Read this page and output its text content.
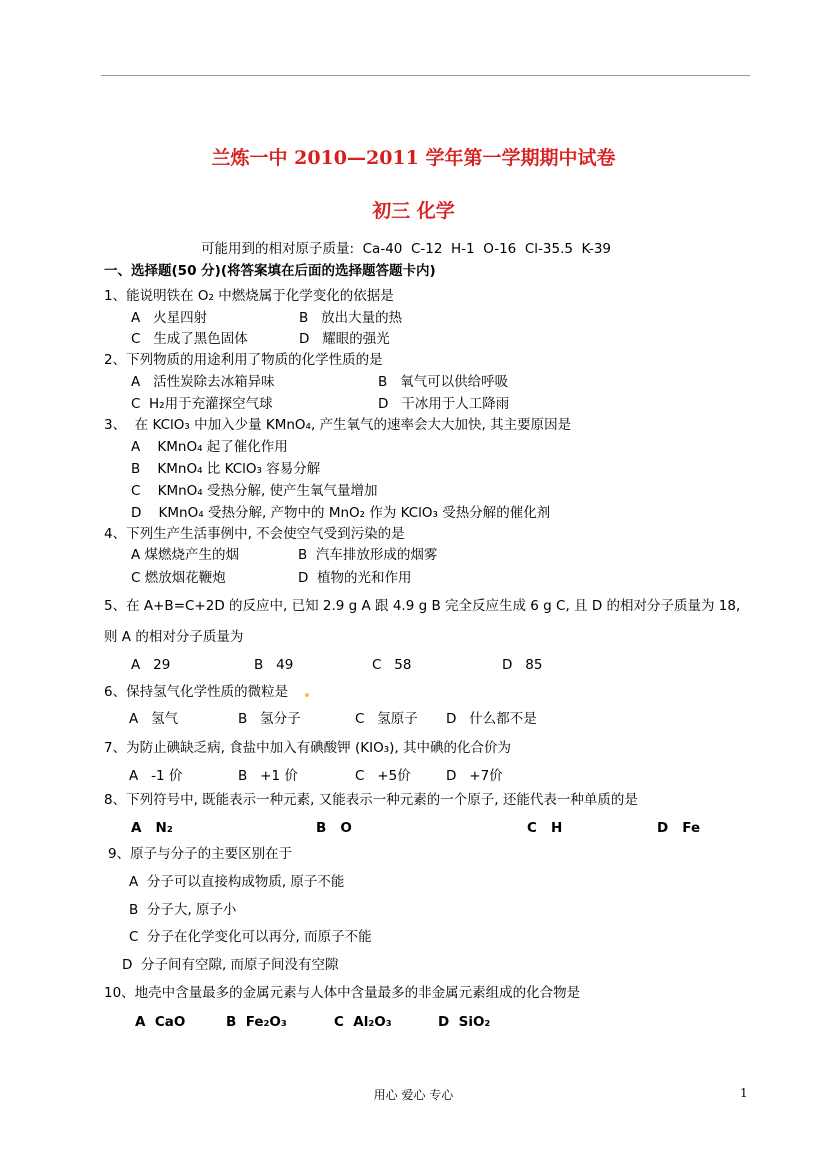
兰炼一中 2010—2011 学年第一学期期中试卷
初三 化学
可能用到的相对原子质量:  Ca-40  C-12  H-1  O-16  Cl-35.5  K-39
一、选择题(50 分)(将答案填在后面的选择题答题卡内)
1、能说明铁在 O₂ 中燃烧属于化学变化的依据是
A   火星四射	B   放出大量的热
C   生成了黑色固体	D   耀眼的强光
2、下列物质的用途利用了物质的化学性质的是
A   活性炭除去冰箱异味	B   氧气可以供给呼吸
C  H₂用于充灌探空气球	D   干冰用于人工降雨
3、  在 KClO₃ 中加入少量 KMnO₄, 产生氧气的速率会大大加快, 其主要原因是
A    KMnO₄ 起了催化作用
B    KMnO₄ 比 KClO₃ 容易分解
C    KMnO₄ 受热分解, 使产生氧气量增加
D    KMnO₄ 受热分解, 产物中的 MnO₂ 作为 KClO₃ 受热分解的催化剂
4、下列生产生活事例中, 不会使空气受到污染的是
A 煤燃烧产生的烟	B  汽车排放形成的烟雾
C 燃放烟花鞭炮	D  植物的光和作用
5、在 A+B=C+2D 的反应中, 已知 2.9 g A 跟 4.9 g B 完全反应生成 6 g C, 且 D 的相对分子质量为 18,
则 A 的相对分子质量为
A   29	B   49	C   58	D   85
6、保持氢气化学性质的微粒是
A   氢气	B   氢分子	C   氢原子 D   什么都不是
7、为防止碘缺乏病, 食盐中加入有碘酸钾 (KIO₃), 其中碘的化合价为
A   -1 价	B   +1 价	C   +5价	D   +7价
8、下列符号中, 既能表示一种元素, 又能表示一种元素的一个原子, 还能代表一种单质的是
A   N₂	B   O	C   H	D   Fe
9、原子与分子的主要区别在于
A  分子可以直接构成物质, 原子不能
B  分子大, 原子小
C  分子在化学变化可以再分, 而原子不能
D  分子间有空隙, 而原子间没有空隙
10、地壳中含量最多的金属元素与人体中含量最多的非金属元素组成的化合物是
A  CaO	B  Fe₂O₃	C  Al₂O₃	D  SiO₂
用心 爱心 专心	1
